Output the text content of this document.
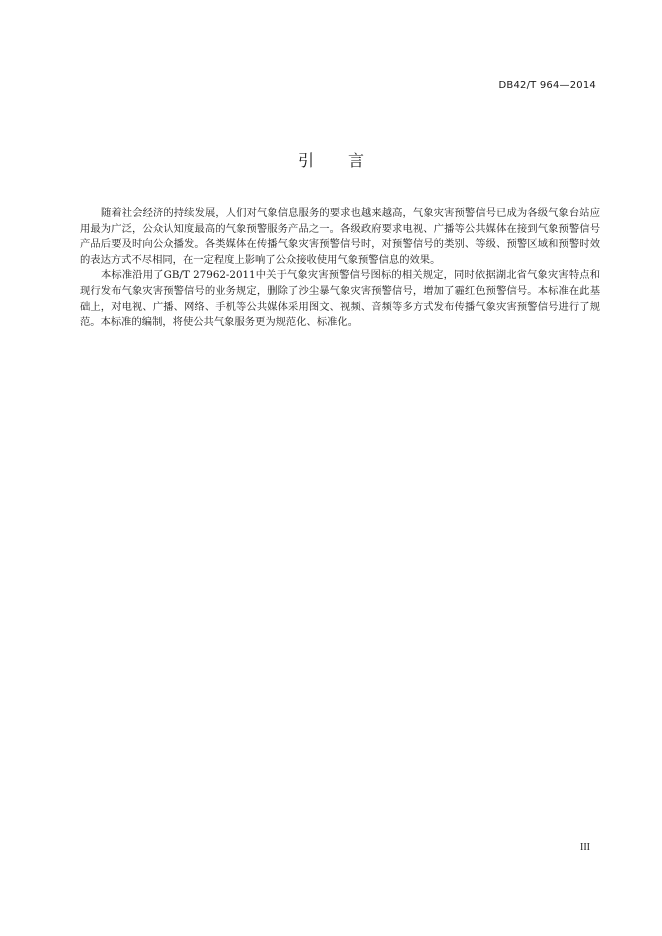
DB42/T 964—2014
引言

随着社会经济的持续发展，人们对气象信息服务的要求也越来越高，气象灾害预警信号已成为各级气象台站应用最为广泛，公众认知度最高的气象预警服务产品之一。各级政府要求电视、广播等公共媒体在接到气象预警信号产品后要及时向公众播发。各类媒体在传播气象灾害预警信号时，对预警信号的类别、等级、预警区域和预警时效的表达方式不尽相同，在一定程度上影响了公众接收使用气象预警信息的效果。

本标准沿用了GB/T 27962-2011中关于气象灾害预警信号图标的相关规定，同时依据湖北省气象灾害特点和现行发布气象灾害预警信号的业务规定，删除了沙尘暴气象灾害预警信号，增加了霾红色预警信号。本标准在此基础上，对电视、广播、网络、手机等公共媒体采用图文、视频、音频等多方式发布传播气象灾害预警信号进行了规范。本标准的编制，将使公共气象服务更为规范化、标准化。

III
